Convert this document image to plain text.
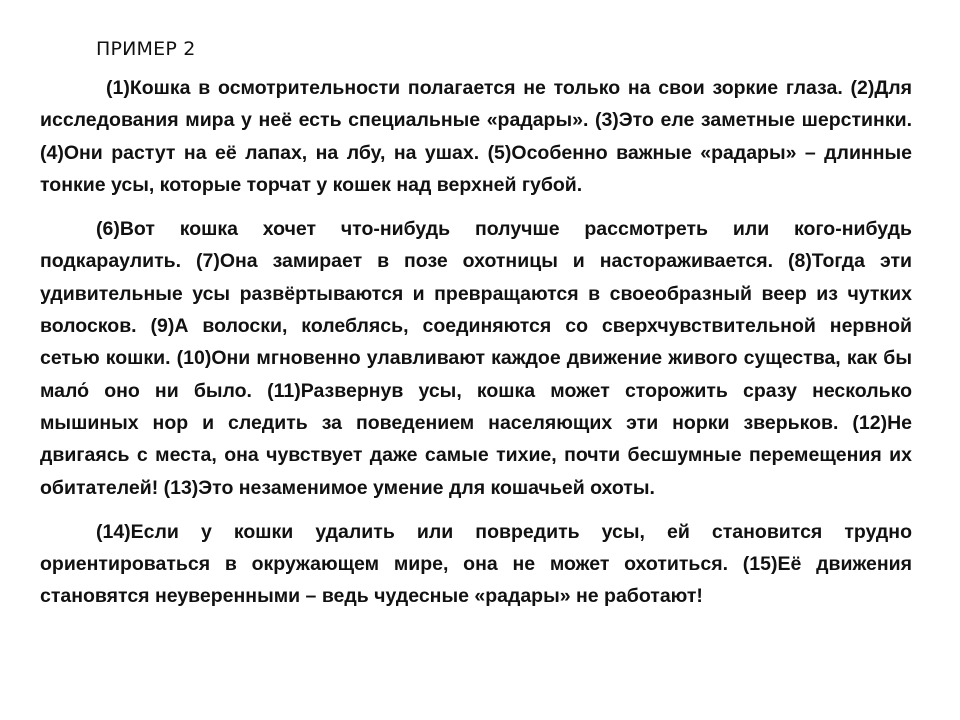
ПРИМЕР 2

(1)Кошка в осмотрительности полагается не только на свои зоркие глаза. (2)Для исследования мира у неё есть специальные «радары». (3)Это еле заметные шерстинки. (4)Они растут на её лапах, на лбу, на ушах. (5)Особенно важные «радары» – длинные тонкие усы, которые торчат у кошек над верхней губой.

(6)Вот кошка хочет что-нибудь получше рассмотреть или кого-нибудь подкараулить. (7)Она замирает в позе охотницы и настораживается. (8)Тогда эти удивительные усы развёртываются и превращаются в своеобразный веер из чутких волосков. (9)А волоски, колеблясь, соединяются со сверхчувствительной нервной сетью кошки. (10)Они мгновенно улавливают каждое движение живого существа, как бы мало́ оно ни было. (11)Развернув усы, кошка может сторожить сразу несколько мышиных нор и следить за поведением населяющих эти норки зверьков. (12)Не двигаясь с места, она чувствует даже самые тихие, почти бесшумные перемещения их обитателей! (13)Это незаменимое умение для кошачьей охоты.

(14)Если у кошки удалить или повредить усы, ей становится трудно ориентироваться в окружающем мире, она не может охотиться. (15)Её движения становятся неуверенными – ведь чудесные «радары» не работают!
